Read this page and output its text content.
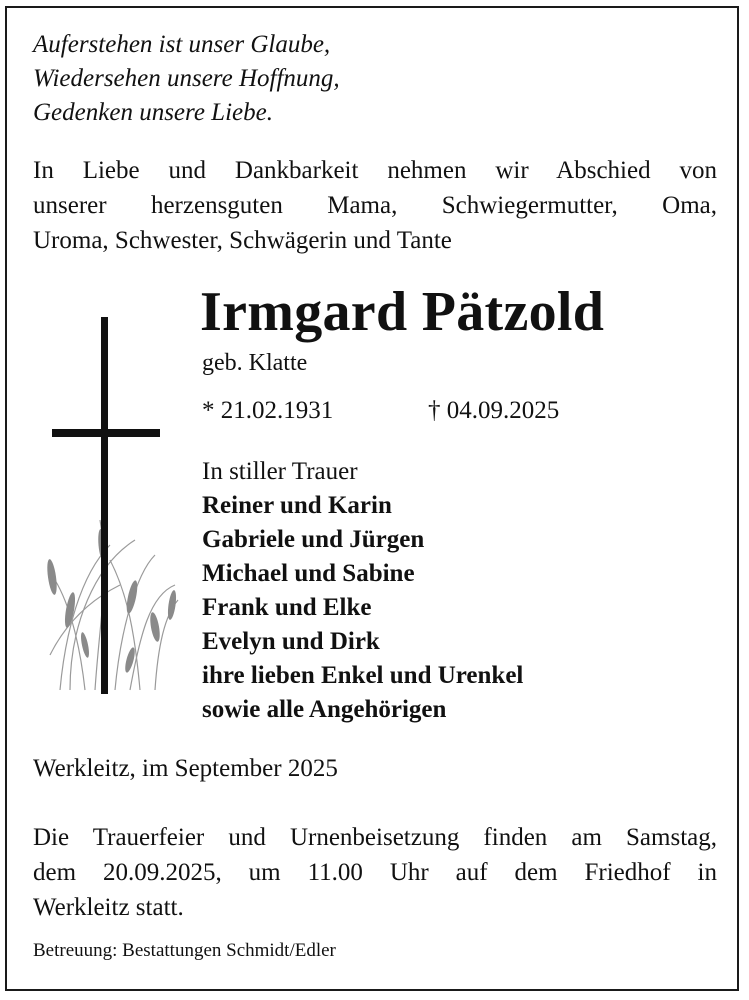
Auferstehen ist unser Glaube,
Wiedersehen unsere Hoffnung,
Gedenken unsere Liebe.
In Liebe und Dankbarkeit nehmen wir Abschied von
unserer herzensguten Mama, Schwiegermutter, Oma,
Uroma, Schwester, Schwägerin und Tante
Irmgard Pätzold
geb. Klatte
* 21.02.1931	† 04.09.2025
In stiller Trauer
Reiner und Karin
Gabriele und Jürgen
Michael und Sabine
Frank und Elke
Evelyn und Dirk
ihre lieben Enkel und Urenkel
sowie alle Angehörigen
Werkleitz, im September 2025
Die Trauerfeier und Urnenbeisetzung finden am Samstag,
dem 20.09.2025, um 11.00 Uhr auf dem Friedhof in
Werkleitz statt.
Betreuung: Bestattungen Schmidt/Edler
